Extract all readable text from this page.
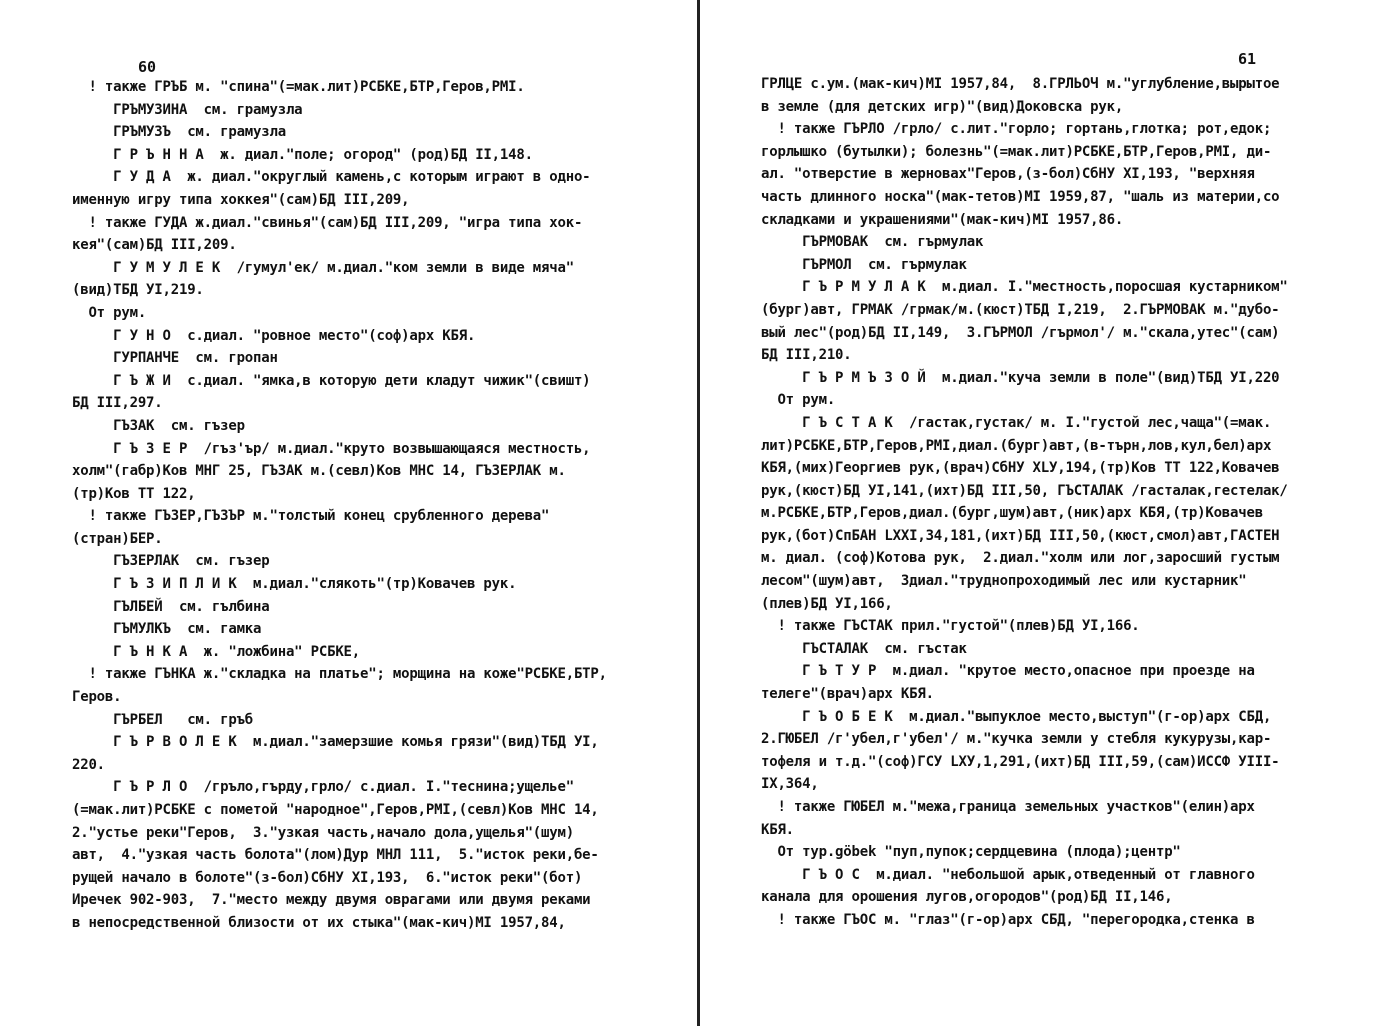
60
! также ГРЪБ м. "спина"(=мак.лит)РСБКЕ,БТР,Геров,РМI.
ГРЪМУЗИНА  см. грамузла
ГРЪМУЗЪ  см. грамузла
Г Р Ъ Н Н А  ж. диал."поле; огород" (род)БД II,148.
Г У Д А  ж. диал."округлый камень,с которым играют в одно-
именную игру типа хоккея"(сам)БД III,209,
! также ГУДА ж.диал."свинья"(сам)БД III,209, "игра типа хок-
кея"(сам)БД III,209.
Г У М У Л Е К  /гумул'ек/ м.диал."ком земли в виде мяча"
(вид)ТБД УI,219.
От рум.
Г У Н О  с.диал. "ровное место"(соф)арх КБЯ.
ГУРПАНЧЕ  см. гропан
Г Ъ Ж И  с.диал. "ямка,в которую дети кладут чижик"(свишт)
БД III,297.
ГЪЗАК  см. гъзер
Г Ъ З Е Р  /гъз'ър/ м.диал."круто возвышающаяся местность,
холм"(габр)Ков МНГ 25, ГЪЗАК м.(севл)Ков МНС 14, ГЪЗЕРЛАК м.
(тр)Ков ТТ 122,
! также ГЪЗЕР,ГЪЗЪР м."толстый конец срубленного дерева"
(стран)БЕР.
ГЪЗЕРЛАК  см. гъзер
Г Ъ З И П Л И К  м.диал."слякоть"(тр)Ковачев рук.
ГЪЛБЕЙ  см. гълбина
ГЪМУЛКЪ  см. гамка
Г Ъ Н К А  ж. "ложбина" РСБКЕ,
! также ГЪНКА ж."складка на платье"; морщина на коже"РСБКЕ,БТР,
Геров.
ГЪРБЕЛ   см. гръб
Г Ъ Р В О Л Е К  м.диал."замерзшие комья грязи"(вид)ТБД УI,
220.
Г Ъ Р Л О  /гръло,гърду,грло/ с.диал. I."теснина;ущелье"
(=мак.лит)РСБКЕ с пометой "народное",Геров,РМI,(севл)Ков МНС 14,
2."устье реки"Геров,  3."узкая часть,начало дола,ущелья"(шум)
авт,  4."узкая часть болота"(лом)Дур МНЛ 111,  5."исток реки,бе-
рущей начало в болоте"(з-бол)СбНУ XI,193,  6."исток реки"(бот)
Иречек 902-903,  7."место между двумя оврагами или двумя реками
в непосредственной близости от их стыка"(мак-кич)МI 1957,84,
61
ГРЛЦЕ с.ум.(мак-кич)МI 1957,84,  8.ГРЛЬОЧ м."углубление,вырытое
в земле (для детских игр)"(вид)Доковска рук,
! также ГЪРЛО /грло/ с.лит."горло; гортань,глотка; рот,едок;
горлышко (бутылки); болезнь"(=мак.лит)РСБКЕ,БТР,Геров,РМI, ди-
ал. "отверстие в жерновах"Геров,(з-бол)СбНУ XI,193, "верхняя
часть длинного носка"(мак-тетов)МI 1959,87, "шаль из материи,со
складками и украшениями"(мак-кич)МI 1957,86.
ГЪРМОВАК  см. гърмулак
ГЪРМОЛ  см. гърмулак
Г Ъ Р М У Л А К  м.диал. I."местность,поросшая кустарником"
(бург)авт, ГРМАК /грмак/м.(кюст)ТБД I,219,  2.ГЪРМОВАК м."дубо-
вый лес"(род)БД II,149,  3.ГЪРМОЛ /гърмол'/ м."скала,утес"(сам)
БД III,210.
Г Ъ Р М Ъ З О Й  м.диал."куча земли в поле"(вид)ТБД УI,220
От рум.
Г Ъ С Т А К  /гастак,густак/ м. I."густой лес,чаща"(=мак.
лит)РСБКЕ,БТР,Геров,РМI,диал.(бург)авт,(в-търн,лов,кул,бел)арх
КБЯ,(мих)Георгиев рук,(врач)СбНУ XLУ,194,(тр)Ков ТТ 122,Ковачев
рук,(кюст)БД УI,141,(ихт)БД III,50, ГЪСТАЛАК /гасталак,гестелак/
м.РСБКЕ,БТР,Геров,диал.(бург,шум)авт,(ник)арх КБЯ,(тр)Ковачев
рук,(бот)СпБАН LXXI,34,181,(ихт)БД III,50,(кюст,смол)авт,ГАСТЕН
м. диал. (соф)Котова рук,  2.диал."холм или лог,заросший густым
лесом"(шум)авт,  3диал."труднопроходимый лес или кустарник"
(плев)БД УI,166,
! также ГЪСТАК прил."густой"(плев)БД УI,166.
ГЪСТАЛАК  см. гъстак
Г Ъ Т У Р  м.диал. "крутое место,опасное при проезде на
телеге"(врач)арх КБЯ.
Г Ъ О Б Е К  м.диал."выпуклое место,выступ"(г-ор)арх СБД,
2.ГЮБЕЛ /г'убел,г'убел'/ м."кучка земли у стебля кукурузы,кар-
тофеля и т.д."(соф)ГСУ LXУ,1,291,(ихт)БД III,59,(сам)ИССФ УIII-
IX,364,
! также ГЮБЕЛ м."межа,граница земельных участков"(елин)арх
КБЯ.
От тур.göbek "пуп,пупок;сердцевина (плода);центр"
Г Ъ О С  м.диал. "небольшой арык,отведенный от главного
канала для орошения лугов,огородов"(род)БД II,146,
! также ГЪОС м. "глаз"(г-ор)арх СБД, "перегородка,стенка в
